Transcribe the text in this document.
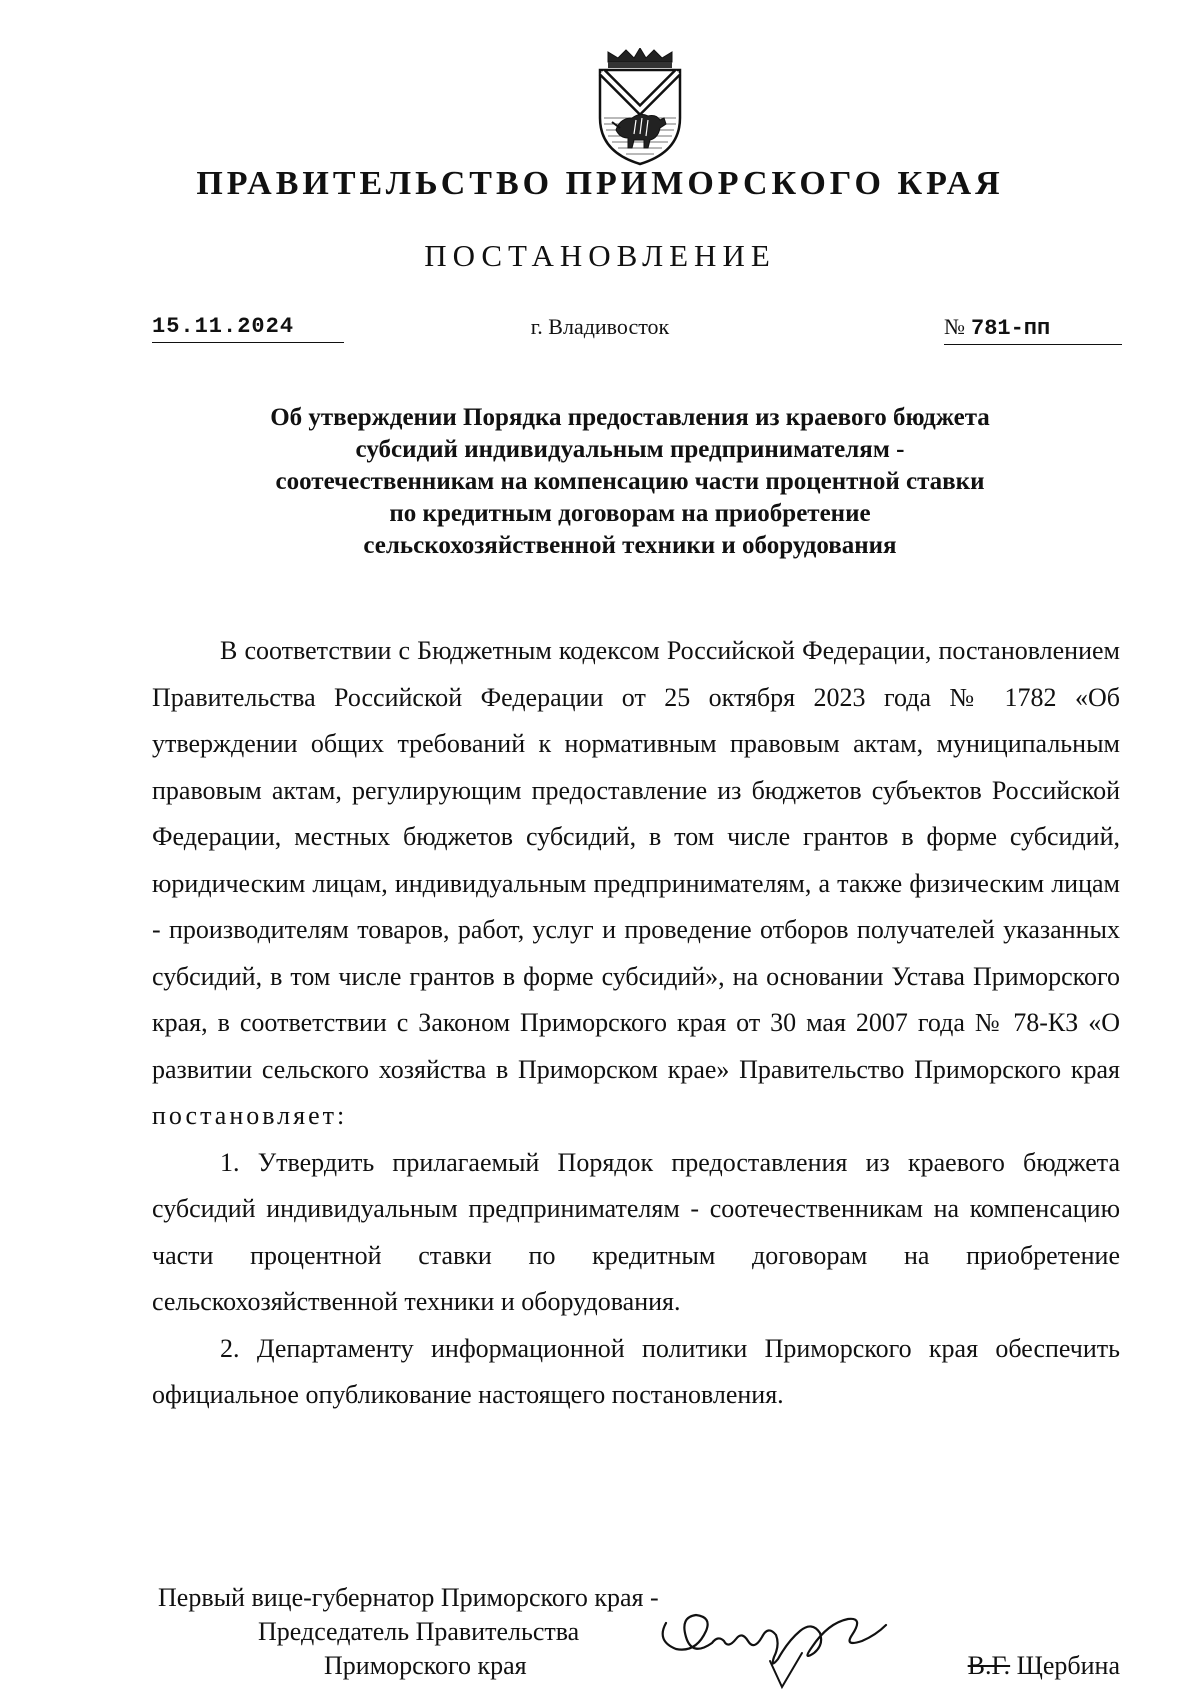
ПРАВИТЕЛЬСТВО ПРИМОРСКОГО КРАЯ
ПОСТАНОВЛЕНИЕ
15.11.2024	г. Владивосток	№ 781-пп
Об утверждении Порядка предоставления из краевого бюджета субсидий индивидуальным предпринимателям - соотечественникам на компенсацию части процентной ставки по кредитным договорам на приобретение сельскохозяйственной техники и оборудования

В соответствии с Бюджетным кодексом Российской Федерации, постановлением Правительства Российской Федерации от 25 октября 2023 года № 1782 «Об утверждении общих требований к нормативным правовым актам, муниципальным правовым актам, регулирующим предоставление из бюджетов субъектов Российской Федерации, местных бюджетов субсидий, в том числе грантов в форме субсидий, юридическим лицам, индивидуальным предпринимателям, а также физическим лицам - производителям товаров, работ, услуг и проведение отборов получателей указанных субсидий, в том числе грантов в форме субсидий», на основании Устава Приморского края, в соответствии с Законом Приморского края от 30 мая 2007 года № 78-КЗ «О развитии сельского хозяйства в Приморском крае» Правительство Приморского края постановляет:

1. Утвердить прилагаемый Порядок предоставления из краевого бюджета субсидий индивидуальным предпринимателям - соотечественникам на компенсацию части процентной ставки по кредитным договорам на приобретение сельскохозяйственной техники и оборудования.

2. Департаменту информационной политики Приморского края обеспечить официальное опубликование настоящего постановления.

Первый вице-губернатор Приморского края -
Председатель Правительства
Приморского края	В.Г. Щербина
